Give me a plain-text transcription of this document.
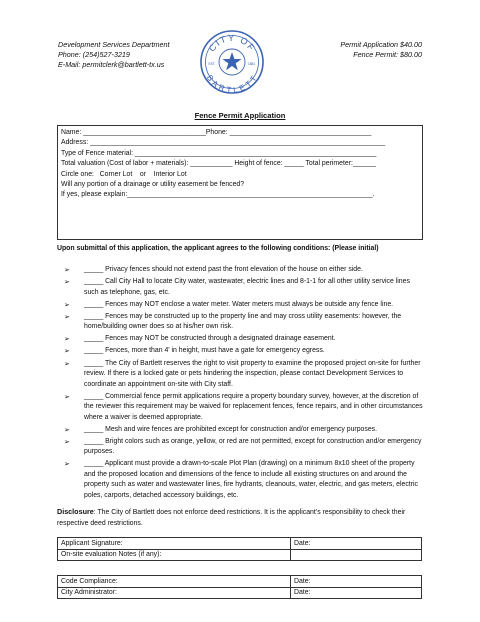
Development Services Department
Phone: (254)527-3219
E-Mail: permitclerk@bartlett-tx.us
CITY OF
BARTLETT
EST.	1881
Permit Application $40.00
Fence Permit: $80.00
Fence Permit Application
Name: ________________________________Phone: _____________________________________
Address: _____________________________________________________________________________
Type of Fence material: _______________________________________________________________
Total valuation (Cost of labor + materials): ___________ Height of fence: _____ Total perimeter:______
Circle one:   Corner Lot    or    Interior Lot
Will any portion of a drainage or utility easement be fenced?
If yes, please explain:________________________________________________________________.
Upon submittal of this application, the applicant agrees to the following conditions: (Please initial)
➢ _____ Privacy fences should not extend past the front elevation of the house on either side.
➢ _____ Call City Hall to locate City water, wastewater, electric lines and 8-1-1 for all other utility service lines such as telephone, gas, etc.
➢ _____ Fences may NOT enclose a water meter. Water meters must always be outside any fence line.
➢ _____ Fences may be constructed up to the property line and may cross utility easements: however, the home/building owner does so at his/her own risk.
➢ _____ Fences may NOT be constructed through a designated drainage easement.
➢ _____ Fences, more than 4' in height, must have a gate for emergency egress.
➢ _____ The City of Bartlett reserves the right to visit property to examine the proposed project on-site for further review. If there is a locked gate or pets hindering the inspection, please contact Development Services to coordinate an appointment on-site with City staff.
➢ _____ Commercial fence permit applications require a property boundary survey, however, at the discretion of the reviewer this requirement may be waived for replacement fences, fence repairs, and in other circumstances where a waiver is deemed appropriate.
➢ _____ Mesh and wire fences are prohibited except for construction and/or emergency purposes.
➢ _____ Bright colors such as orange, yellow, or red are not permitted, except for construction and/or emergency purposes.
➢ _____ Applicant must provide a drawn-to-scale Plot Plan (drawing) on a minimum 8x10 sheet of the property and the proposed location and dimensions of the fence to include all existing structures on and around the property such as water and wastewater lines, fire hydrants, cleanouts, water, electric, and gas meters, electric poles, carports, detached accessory buildings, etc.
Disclosure: The City of Bartlett does not enforce deed restrictions. It is the applicant’s responsibility to check their respective deed restrictions.
Applicant Signature:	Date:
On-site evaluation Notes (if any):	
Code Compliance:	Date:
City Administrator:	Date:
